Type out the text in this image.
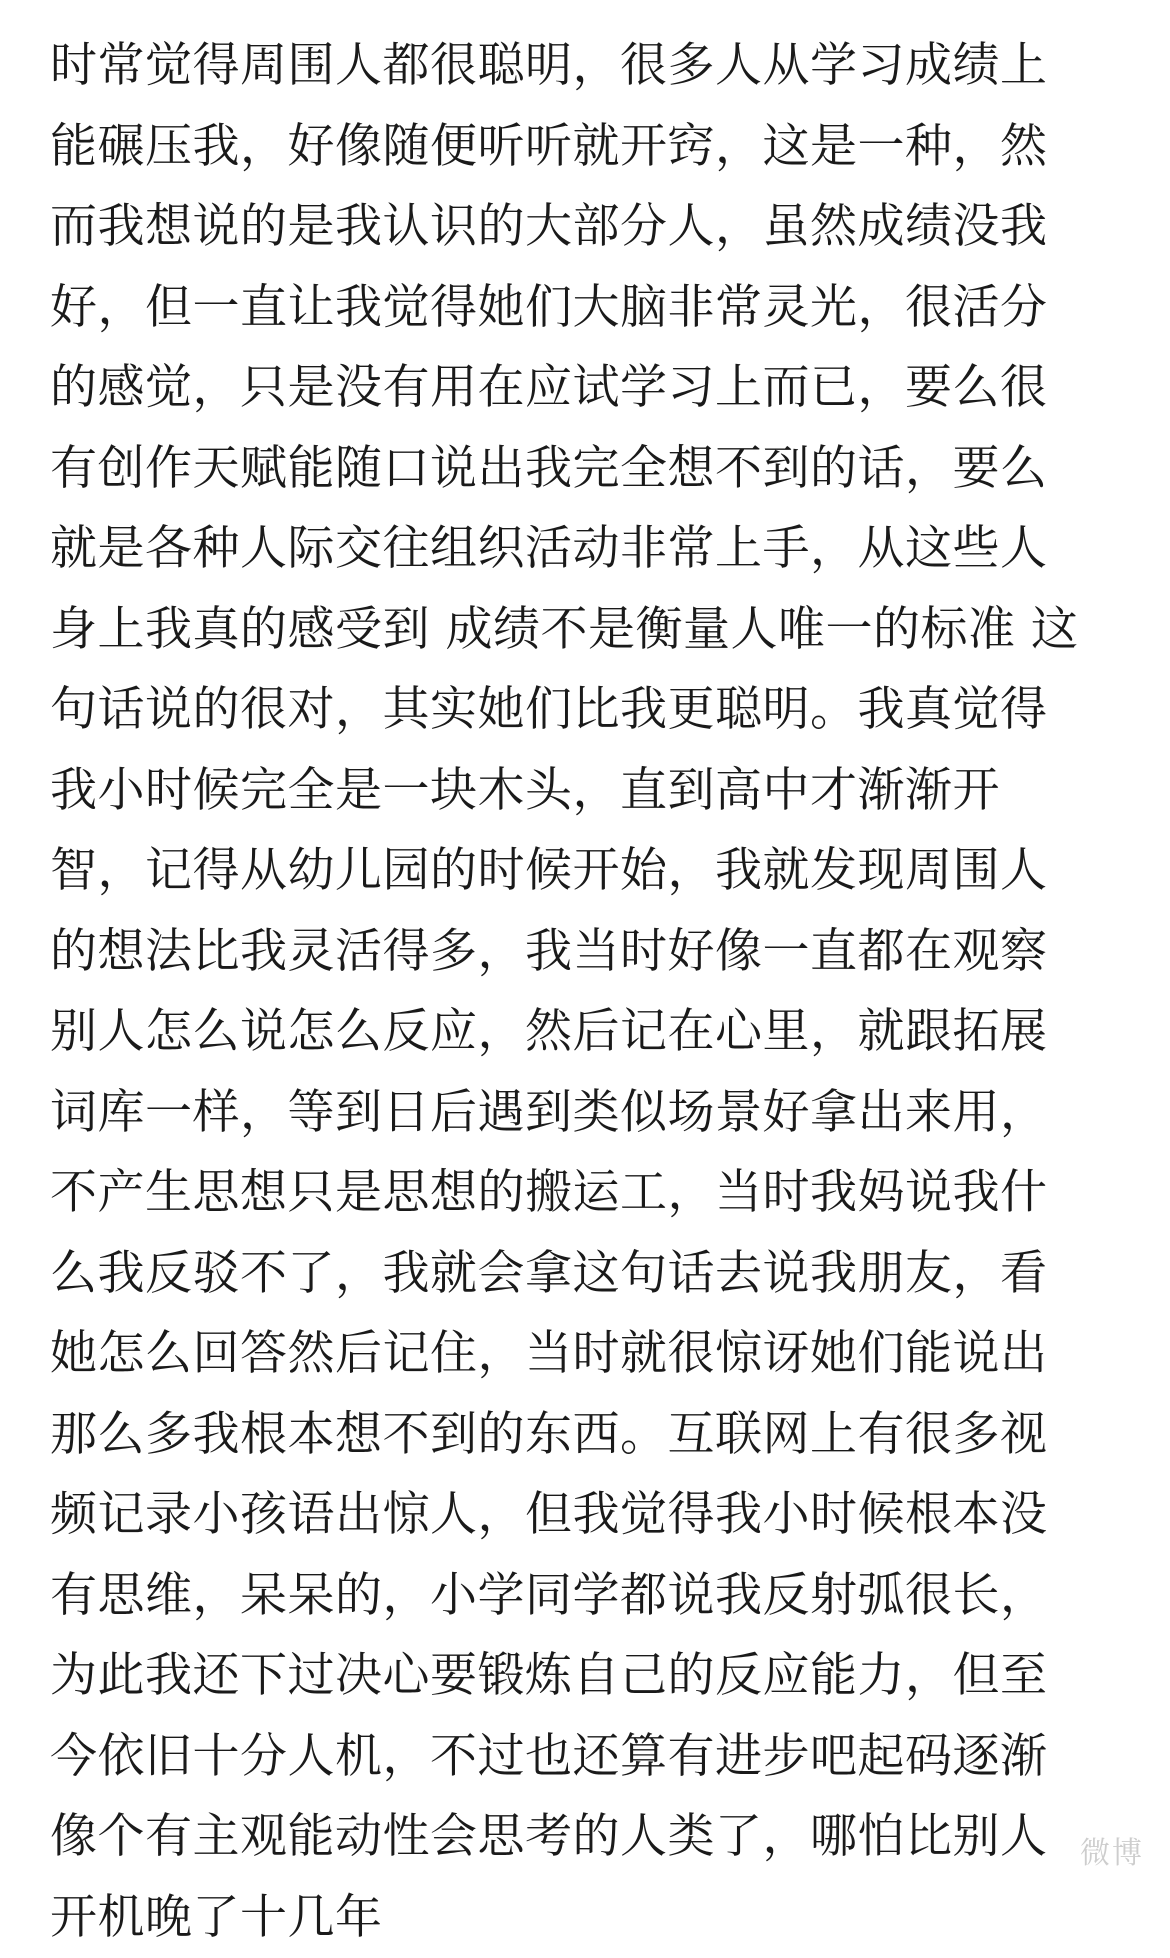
时常觉得周围人都很聪明，很多人从学习成绩上
能碾压我，好像随便听听就开窍，这是一种，然
而我想说的是我认识的大部分人，虽然成绩没我
好，但一直让我觉得她们大脑非常灵光，很活分
的感觉，只是没有用在应试学习上而已，要么很
有创作天赋能随口说出我完全想不到的话，要么
就是各种人际交往组织活动非常上手，从这些人
身上我真的感受到 成绩不是衡量人唯一的标准 这
句话说的很对，其实她们比我更聪明。我真觉得
我小时候完全是一块木头，直到高中才渐渐开
智，记得从幼儿园的时候开始，我就发现周围人
的想法比我灵活得多，我当时好像一直都在观察
别人怎么说怎么反应，然后记在心里，就跟拓展
词库一样，等到日后遇到类似场景好拿出来用，
不产生思想只是思想的搬运工，当时我妈说我什
么我反驳不了，我就会拿这句话去说我朋友，看
她怎么回答然后记住，当时就很惊讶她们能说出
那么多我根本想不到的东西。互联网上有很多视
频记录小孩语出惊人，但我觉得我小时候根本没
有思维，呆呆的，小学同学都说我反射弧很长，
为此我还下过决心要锻炼自己的反应能力，但至
今依旧十分人机，不过也还算有进步吧起码逐渐
像个有主观能动性会思考的人类了，哪怕比别人
开机晚了十几年
微博
